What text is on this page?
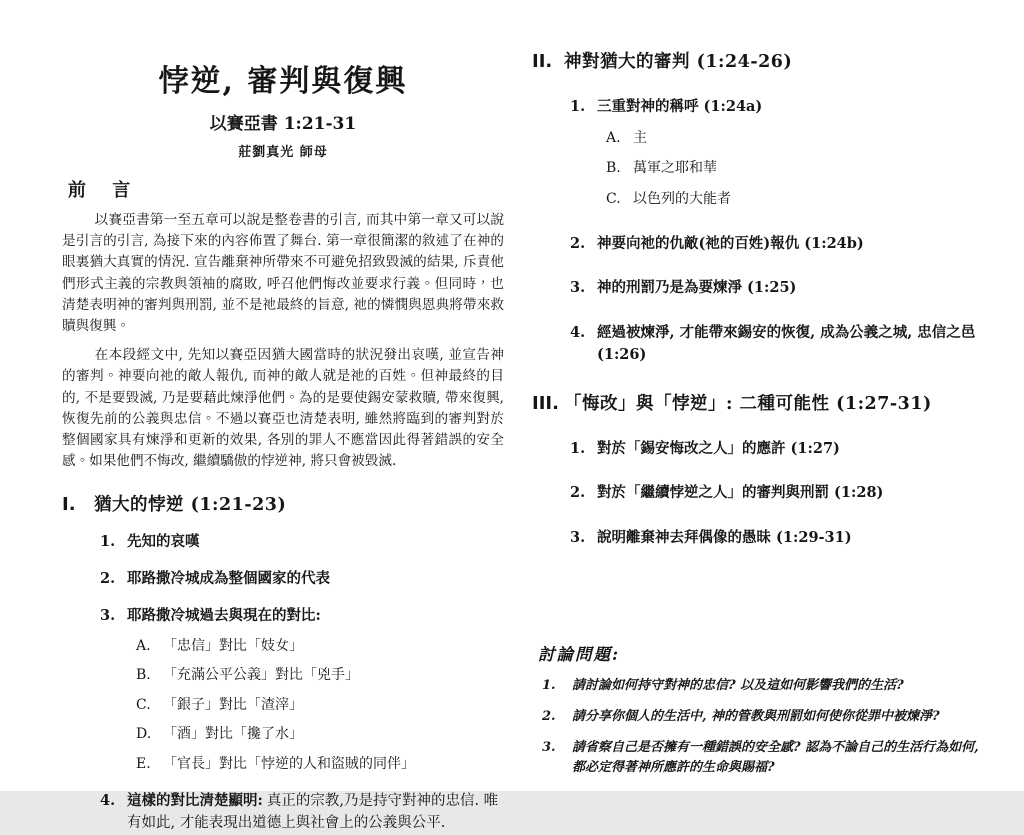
悖逆, 審判與復興

以賽亞書 1:21-31

莊劉真光 師母

前 言

以賽亞書第一至五章可以說是整卷書的引言, 而其中第一章又可以說是引言的引言, 為接下來的內容佈置了舞台. 第一章很簡潔的敘述了在神的眼裏猶大真實的情況. 宣告離棄神所帶來不可避免招致毀滅的結果, 斥責他們形式主義的宗教與領袖的腐敗, 呼召他們悔改並要求行義。但同時，也清楚表明神的審判與刑罰, 並不是祂最終的旨意, 祂的憐憫與恩典將帶來救贖與復興。

在本段經文中, 先知以賽亞因猶大國當時的狀況發出哀嘆, 並宣告神的審判。神要向祂的敵人報仇, 而神的敵人就是祂的百姓。但神最終的目的, 不是要毀滅, 乃是要藉此煉淨他們。為的是要使錫安蒙救贖, 帶來復興, 恢復先前的公義與忠信。不過以賽亞也清楚表明, 雖然將臨到的審判對於整個國家具有煉淨和更新的效果, 各別的罪人不應當因此得著錯誤的安全感。如果他們不悔改, 繼續驕傲的悖逆神, 將只會被毀滅.

I.	猶大的悖逆 (1:21-23)
1. 先知的哀嘆
2. 耶路撒冷城成為整個國家的代表
3. 耶路撒冷城過去與現在的對比:
A. 「忠信」對比「妓女」
B. 「充滿公平公義」對比「兇手」
C. 「銀子」對比「渣滓」
D. 「酒」對比「攙了水」
E. 「官長」對比「悖逆的人和盜賊的同伴」
4. 這樣的對比清楚顯明: 真正的宗教,乃是持守對神的忠信. 唯有如此, 才能表現出道德上與社會上的公義與公平.
II. 神對猶大的審判 (1:24-26)
1. 三重對神的稱呼 (1:24a)
A. 主
B. 萬軍之耶和華
C. 以色列的大能者
2. 神要向祂的仇敵(祂的百姓)報仇 (1:24b)
3. 神的刑罰乃是為要煉淨 (1:25)
4. 經過被煉淨, 才能帶來錫安的恢復, 成為公義之城, 忠信之邑 (1:26)
III. 「悔改」與「悖逆」: 二種可能性 (1:27-31)
1. 對於「錫安悔改之人」的應許 (1:27)
2. 對於「繼續悖逆之人」的審判與刑罰 (1:28)
3. 說明離棄神去拜偶像的愚昧 (1:29-31)
討論問題:
1.	請討論如何持守對神的忠信? 以及這如何影響我們的生活?
2.	請分享你個人的生活中, 神的管教與刑罰如何使你從罪中被煉淨?
3.	請省察自己是否擁有一種錯誤的安全感? 認為不論自己的生活行為如何, 都必定得著神所應許的生命與賜福?
